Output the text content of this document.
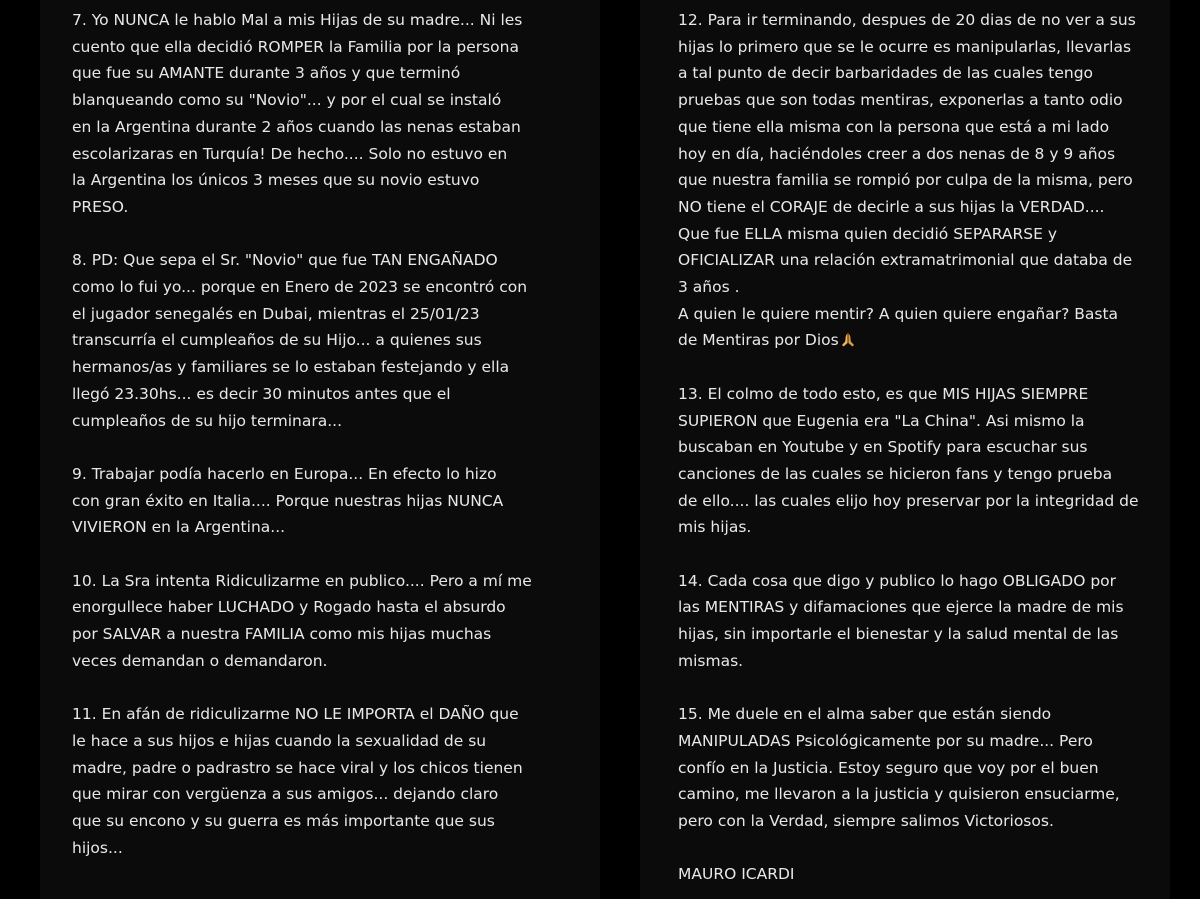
7. Yo NUNCA le hablo Mal a mis Hijas de su madre... Ni les
cuento que ella decidió ROMPER la Familia por la persona
que fue su AMANTE durante 3 años y que terminó
blanqueando como su "Novio"... y por el cual se instaló
en la Argentina durante 2 años cuando las nenas estaban
escolarizaras en Turquía! De hecho.... Solo no estuvo en
la Argentina los únicos 3 meses que su novio estuvo
PRESO.

8. PD: Que sepa el Sr. "Novio" que fue TAN ENGAÑADO
como lo fui yo... porque en Enero de 2023 se encontró con
el jugador senegalés en Dubai, mientras el 25/01/23
transcurría el cumpleaños de su Hijo... a quienes sus
hermanos/as y familiares se lo estaban festejando y ella
llegó 23.30hs... es decir 30 minutos antes que el
cumpleaños de su hijo terminara...

9. Trabajar podía hacerlo en Europa... En efecto lo hizo
con gran éxito en Italia.... Porque nuestras hijas NUNCA
VIVIERON en la Argentina...

10. La Sra intenta Ridiculizarme en publico.... Pero a mí me
enorgullece haber LUCHADO y Rogado hasta el absurdo
por SALVAR a nuestra FAMILIA como mis hijas muchas
veces demandan o demandaron.

11. En afán de ridiculizarme NO LE IMPORTA el DAÑO que
le hace a sus hijos e hijas cuando la sexualidad de su
madre, padre o padrastro se hace viral y los chicos tienen
que mirar con vergüenza a sus amigos... dejando claro
que su encono y su guerra es más importante que sus
hijos...

12. Para ir terminando, despues de 20 dias de no ver a sus
hijas lo primero que se le ocurre es manipularlas, llevarlas
a tal punto de decir barbaridades de las cuales tengo
pruebas que son todas mentiras, exponerlas a tanto odio
que tiene ella misma con la persona que está a mi lado
hoy en día, haciéndoles creer a dos nenas de 8 y 9 años
que nuestra familia se rompió por culpa de la misma, pero
NO tiene el CORAJE de decirle a sus hijas la VERDAD....
Que fue ELLA misma quien decidió SEPARARSE y
OFICIALIZAR una relación extramatrimonial que databa de
3 años .
A quien le quiere mentir? A quien quiere engañar? Basta
de Mentiras por Dios

13. El colmo de todo esto, es que MIS HIJAS SIEMPRE
SUPIERON que Eugenia era "La China". Asi mismo la
buscaban en Youtube y en Spotify para escuchar sus
canciones de las cuales se hicieron fans y tengo prueba
de ello.... las cuales elijo hoy preservar por la integridad de
mis hijas.

14. Cada cosa que digo y publico lo hago OBLIGADO por
las MENTIRAS y difamaciones que ejerce la madre de mis
hijas, sin importarle el bienestar y la salud mental de las
mismas.

15. Me duele en el alma saber que están siendo
MANIPULADAS Psicológicamente por su madre... Pero
confío en la Justicia. Estoy seguro que voy por el buen
camino, me llevaron a la justicia y quisieron ensuciarme,
pero con la Verdad, siempre salimos Victoriosos.

MAURO ICARDI
